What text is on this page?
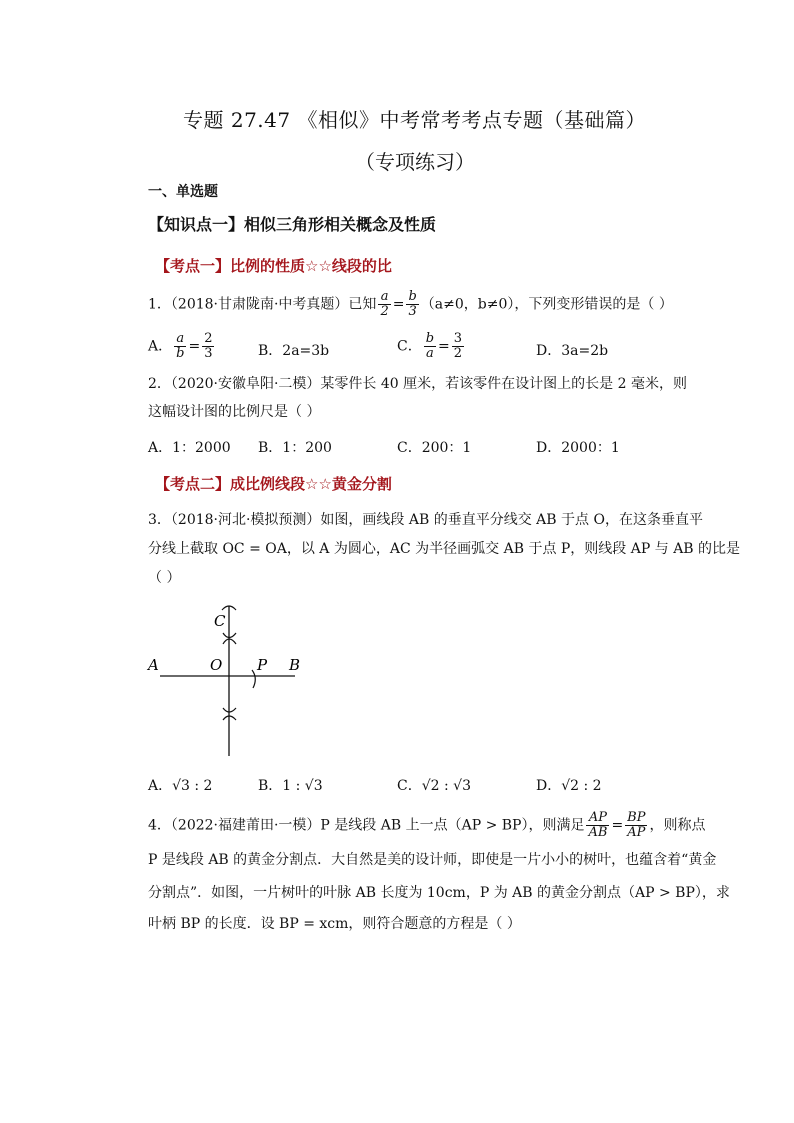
专题 27.47 《相似》中考常考考点专题（基础篇）
（专项练习）
一、单选题
【知识点一】相似三角形相关概念及性质
【考点一】比例的性质☆☆线段的比
1．（2018·甘肃陇南·中考真题）已知 $\frac{a}{2} = \frac{b}{3} (a\ne 0$，b≠0），下列变形错误的是（ ）
A． $\frac{a}{b} = \frac{2}{3}$	B．2a=3b	C． $\frac{b}{a} = \frac{3}{2}$	D．3a=2b
2．（2020·安徽阜阳·二模）某零件长 40 厘米，若该零件在设计图上的长是 2 毫米，则
这幅设计图的比例尺是（ ）
A．1：2000 B．1：200	C．200：1	D．2000：1
【考点二】成比例线段☆☆黄金分割
3．（2018·河北·模拟预测）如图，画线段 AB 的垂直平分线交 AB 于点 O，在这条垂直平
分线上截取 OC = OA，以 A 为圆心，AC 为半径画弧交 AB 于点 P，则线段 AP 与 AB 的比是
（ ）
C
A	O P B
A．√3 : 2	B．1 : √3	C．√2 : √3	D．√2 : 2
4．（2022·福建莆田·一模）P 是线段 AB 上一点（AP > BP），则满足 $\frac{AP}{AB} = \frac{BP}{AP}$ ，则称点
P 是线段 AB 的黄金分割点．大自然是美的设计师，即使是一片小小的树叶，也蕴含着“黄金
分割点”．如图，一片树叶的叶脉 AB 长度为 10cm，P 为 AB 的黄金分割点（AP > BP），求
叶柄 BP 的长度．设 BP = xcm，则符合题意的方程是（ ）
